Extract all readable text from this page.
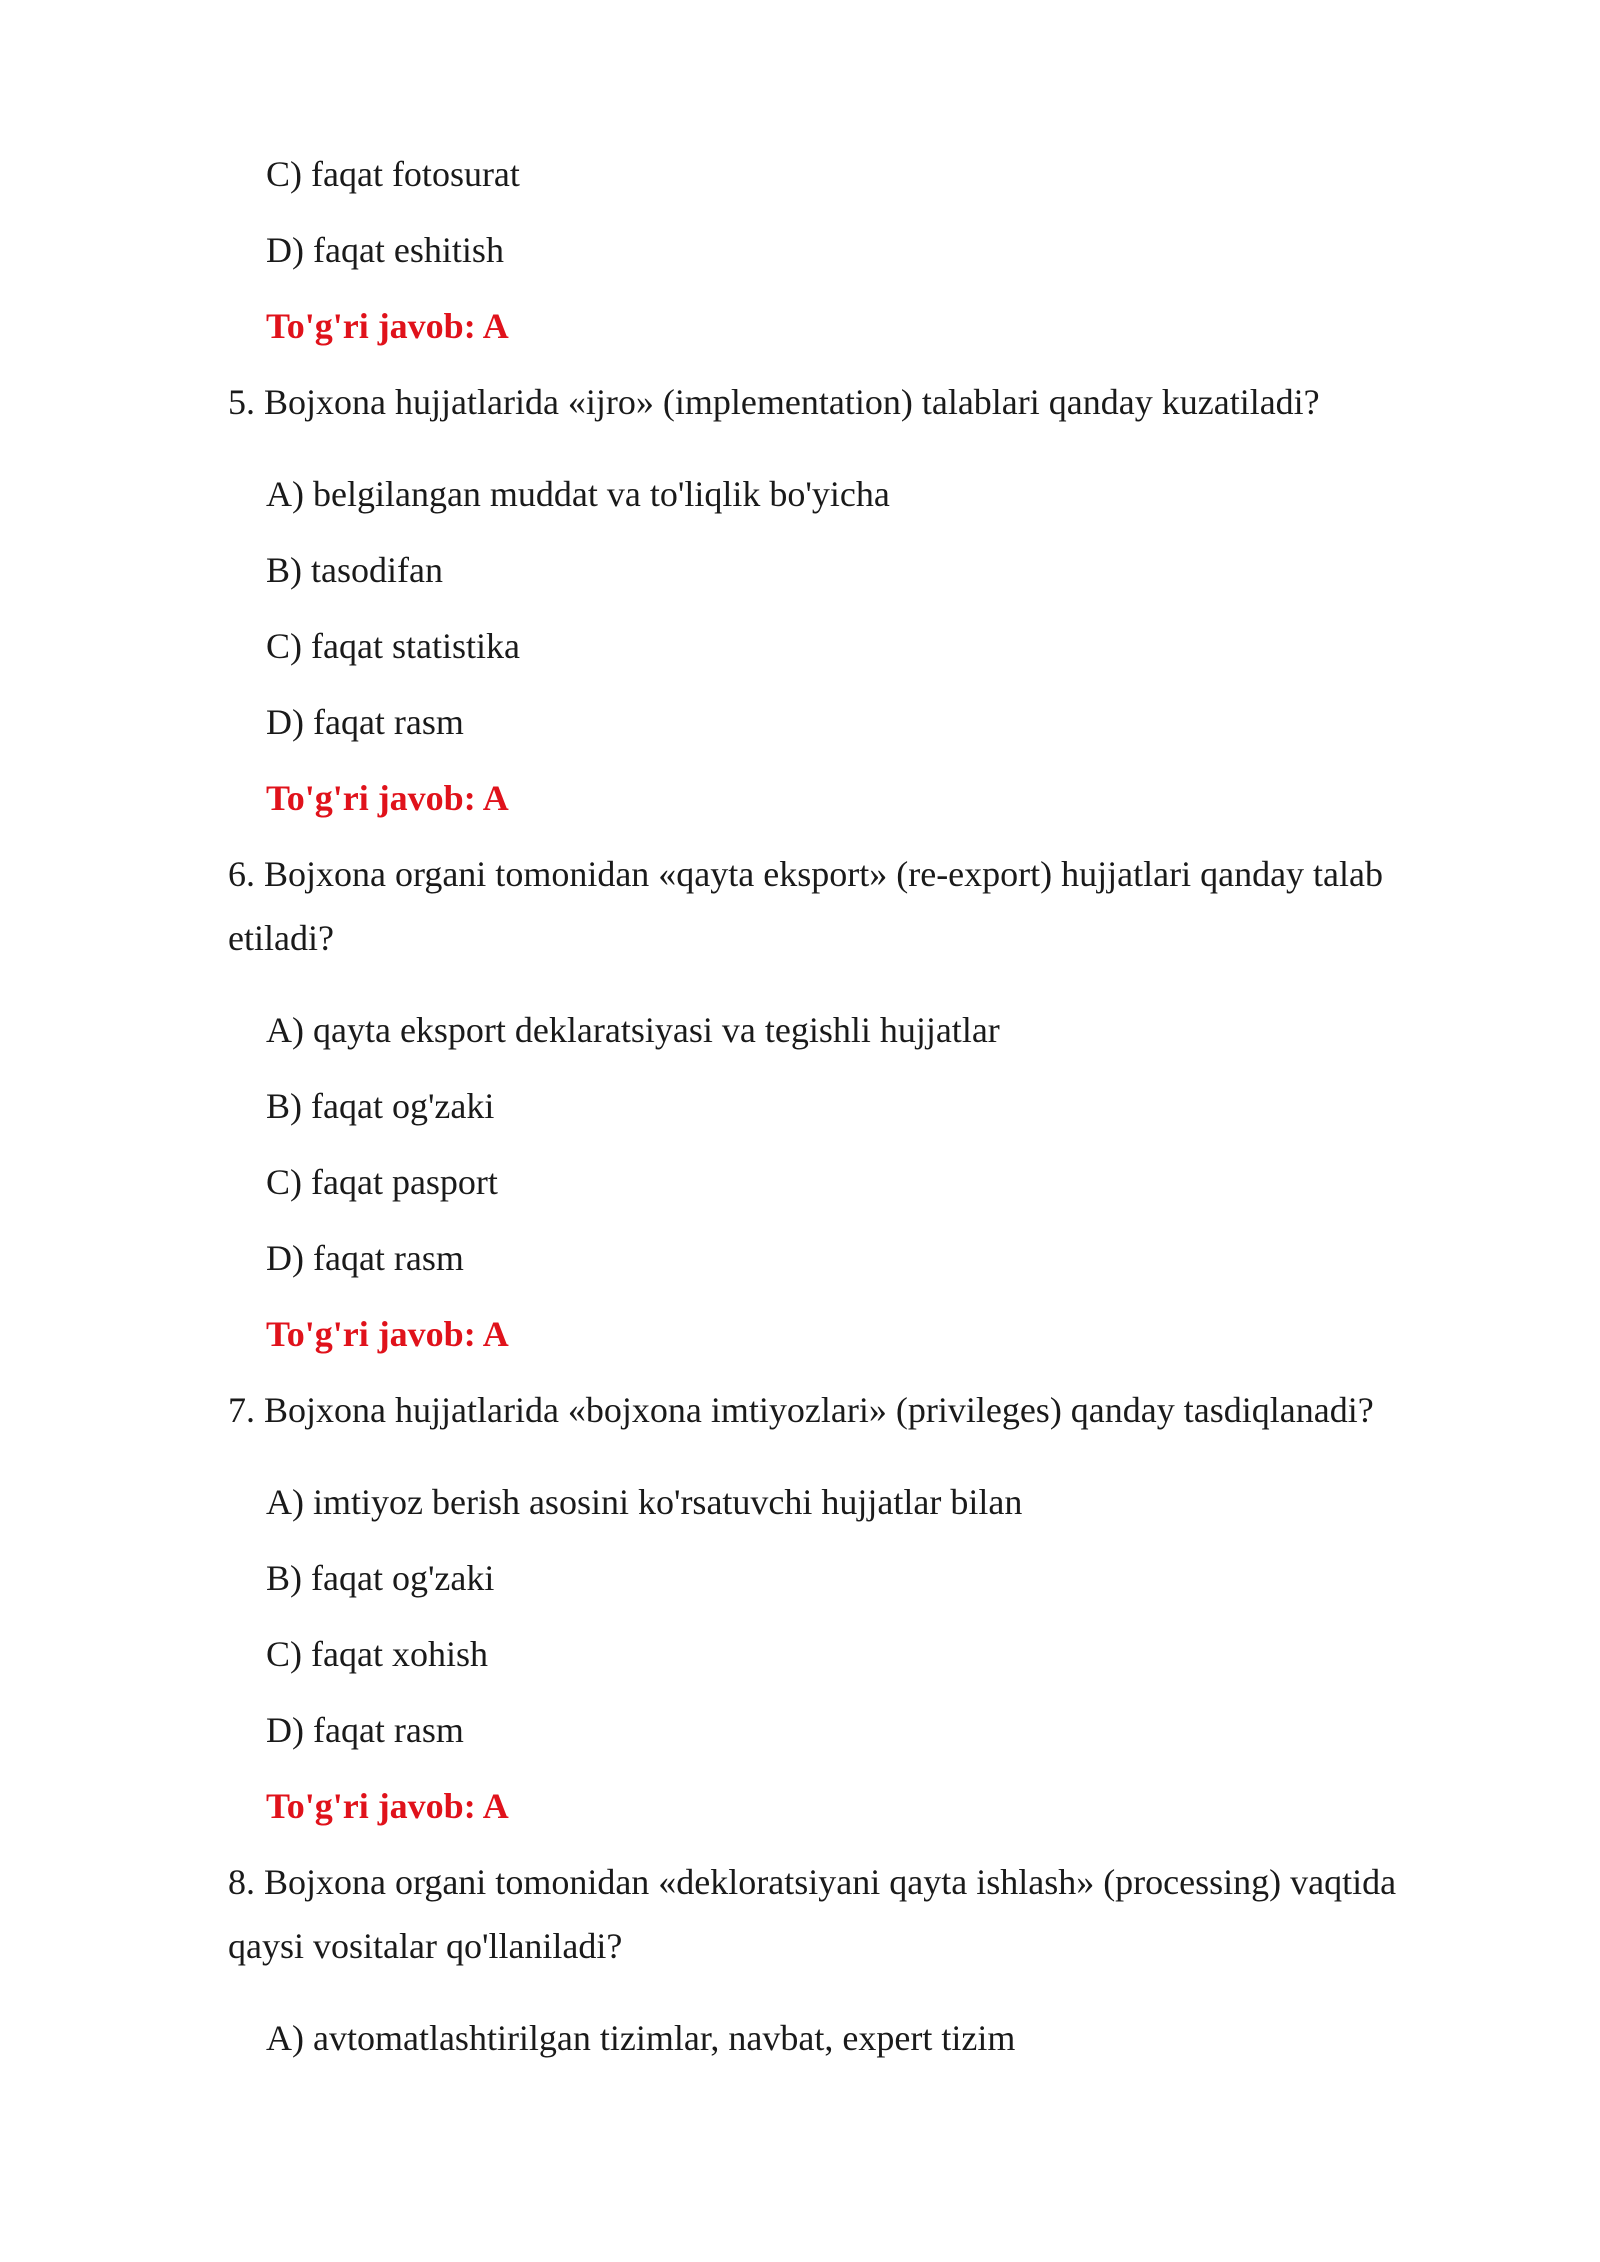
C) faqat fotosurat
D) faqat eshitish
To'g'ri javob: A
5. Bojxona hujjatlarida «ijro» (implementation) talablari qanday kuzatiladi?
A) belgilangan muddat va to'liqlik bo'yicha
B) tasodifan
C) faqat statistika
D) faqat rasm
To'g'ri javob: A
6. Bojxona organi tomonidan «qayta eksport» (re-export) hujjatlari qanday talab
etiladi?
A) qayta eksport deklaratsiyasi va tegishli hujjatlar
B) faqat og'zaki
C) faqat pasport
D) faqat rasm
To'g'ri javob: A
7. Bojxona hujjatlarida «bojxona imtiyozlari» (privileges) qanday tasdiqlanadi?
A) imtiyoz berish asosini ko'rsatuvchi hujjatlar bilan
B) faqat og'zaki
C) faqat xohish
D) faqat rasm
To'g'ri javob: A
8. Bojxona organi tomonidan «dekloratsiyani qayta ishlash» (processing) vaqtida
qaysi vositalar qo'llaniladi?
A) avtomatlashtirilgan tizimlar, navbat, expert tizim
